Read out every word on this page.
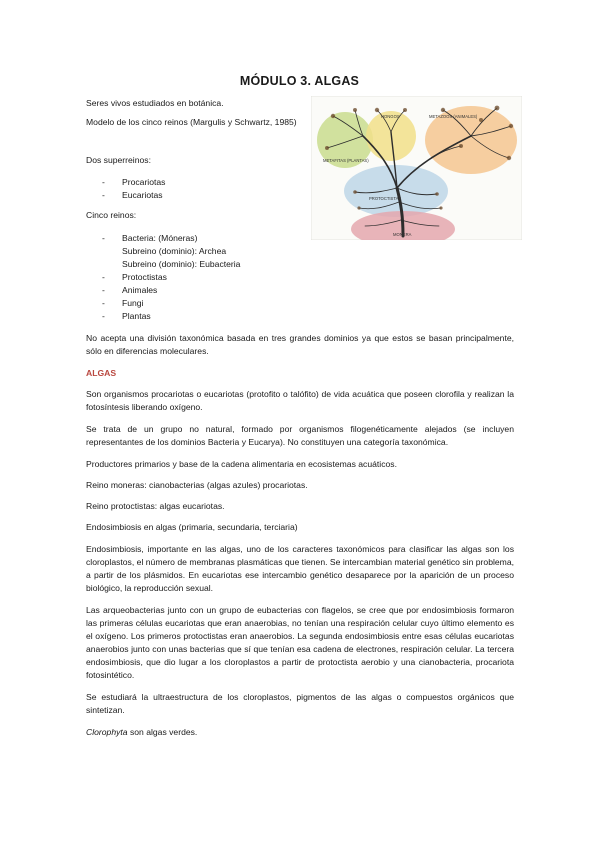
MÓDULO 3. ALGAS
Seres vivos estudiados en botánica.
Modelo de los cinco reinos (Margulis y Schwartz, 1985)
Dos superreinos:
- Procariotas
- Eucariotas
Cinco reinos:
- Bacteria: (Móneras)
Subreino (dominio): Archea
Subreino (dominio): Eubacteria
- Protoctistas
- Animales
- Fungi
- Plantas
METAFITAS (PLANTAS)
HONGOS	METAZOOS (ANIMALES)
PROTOCTISTAS
MONERA
No acepta una división taxonómica basada en tres grandes dominios ya que estos se basan principalmente, sólo en diferencias moleculares.
ALGAS
Son organismos procariotas o eucariotas (protofito o talófito) de vida acuática que poseen clorofila y realizan la fotosíntesis liberando oxígeno.
Se trata de un grupo no natural, formado por organismos filogenéticamente alejados (se incluyen representantes de los dominios Bacteria y Eucarya). No constituyen una categoría taxonómica.
Productores primarios y base de la cadena alimentaria en ecosistemas acuáticos.
Reino moneras: cianobacterias (algas azules) procariotas.
Reino protoctistas: algas eucariotas.
Endosimbiosis en algas (primaria, secundaria, terciaria)
Endosimbiosis, importante en las algas, uno de los caracteres taxonómicos para clasificar las algas son los cloroplastos, el número de membranas plasmáticas que tienen. Se intercambian material genético sin problema, a partir de los plásmidos. En eucariotas ese intercambio genético desaparece por la aparición de un proceso biológico, la reproducción sexual.
Las arqueobacterias junto con un grupo de eubacterias con flagelos, se cree que por endosimbiosis formaron las primeras células eucariotas que eran anaerobias, no tenían una respiración celular cuyo último elemento es el oxígeno. Los primeros protoctistas eran anaerobios. La segunda endosimbiosis entre esas células eucariotas anaerobios junto con unas bacterias que sí que tenían esa cadena de electrones, respiración celular. La tercera endosimbiosis, que dio lugar a los cloroplastos a partir de protoctista aerobio y una cianobacteria, procariota fotosintético.
Se estudiará la ultraestructura de los cloroplastos, pigmentos de las algas o compuestos orgánicos que sintetizan.
Clorophyta son algas verdes.
